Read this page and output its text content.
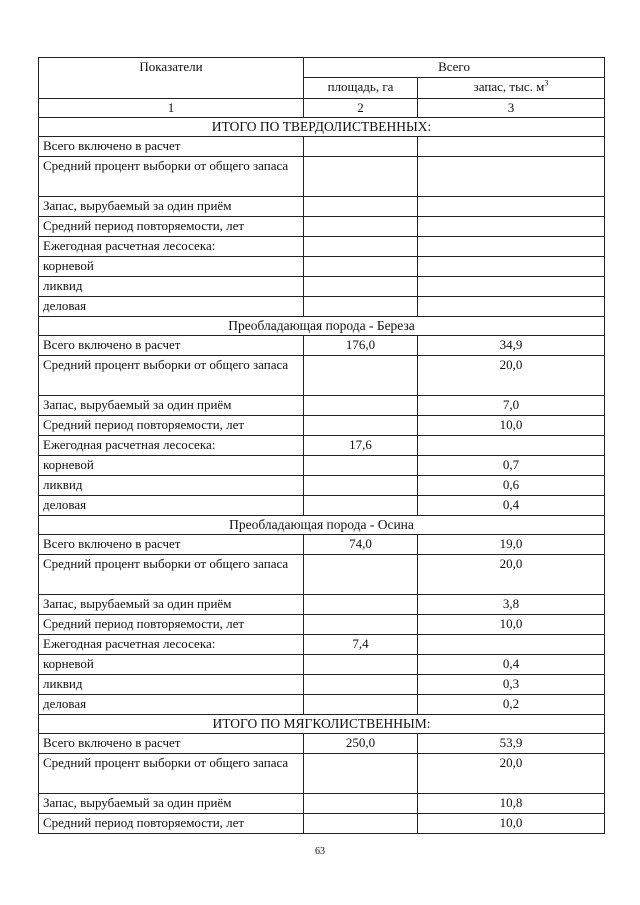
Показатели	Всего	
	площадь, га	запас, тыс. $м^3$
1	2	3
ИТОГО ПО ТВЕРДОЛИСТВЕННЫХ:		
Всего включено в расчет		
Средний процент выборки от общего запаса		
Запас, вырубаемый за один приём		
Средний период повторяемости, лет		
Ежегодная расчетная лесосека:		
корневой		
ликвид		
деловая		
Преобладающая порода - Береза		
Всего включено в расчет	176,0	34,9
Средний процент выборки от общего запаса		20,0
Запас, вырубаемый за один приём		7,0
Средний период повторяемости, лет		10,0
Ежегодная расчетная лесосека:	17,6	
корневой		0,7
ликвид		0,6
деловая		0,4
Преобладающая порода - Осина		
Всего включено в расчет	74,0	19,0
Средний процент выборки от общего запаса		20,0
Запас, вырубаемый за один приём		3,8
Средний период повторяемости, лет		10,0
Ежегодная расчетная лесосека:	7,4	
корневой		0,4
ликвид		0,3
деловая		0,2
ИТОГО ПО МЯГКОЛИСТВЕННЫМ:		
Всего включено в расчет	250,0	53,9
Средний процент выборки от общего запаса		20,0
Запас, вырубаемый за один приём		10,8
Средний период повторяемости, лет		10,0
63
